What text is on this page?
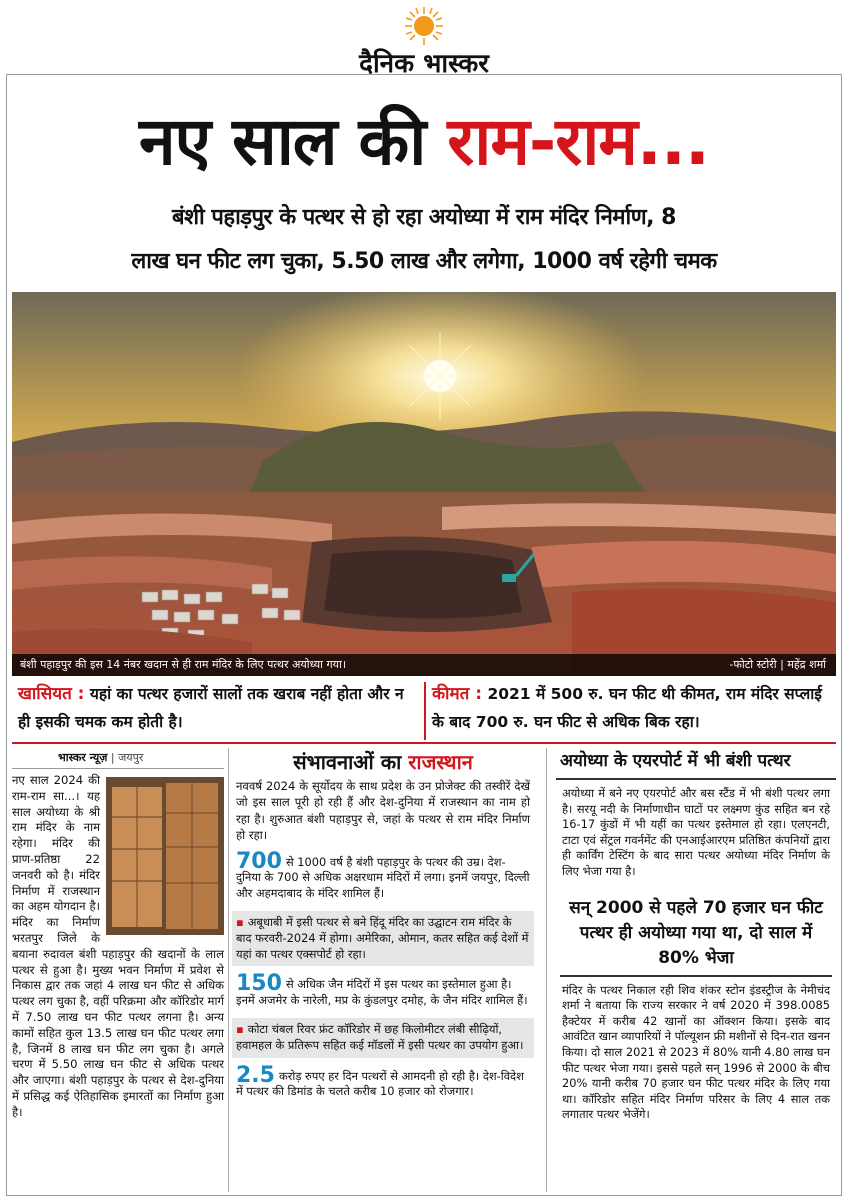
दैनिक भास्कर
नए साल की राम-राम...
बंशी पहाड़पुर के पत्थर से हो रहा अयोध्या में राम मंदिर निर्माण, 8
लाख घन फीट लग चुका, 5.50 लाख और लगेगा, 1000 वर्ष रहेगी चमक
बंशी पहाड़पुर की इस 14 नंबर खदान से ही राम मंदिर के लिए पत्थर अयोध्या गया।	-फोटो स्टोरी | महेंद्र शर्मा
खासियत : यहां का पत्थर हजारों सालों तक खराब नहीं होता और न ही इसकी चमक कम होती है।
कीमत : 2021 में 500 रु. घन फीट थी कीमत, राम मंदिर सप्लाई के बाद 700 रु. घन फीट से अधिक बिक रहा।
भास्कर न्यूज़ | जयपुर
नए साल 2024 की राम-राम सा...। यह साल अयोध्या के श्री राम मंदिर के नाम रहेगा। मंदिर की प्राण-प्रतिष्ठा 22 जनवरी को है। मंदिर निर्माण में राजस्थान का अहम योगदान है। मंदिर का निर्माण भरतपुर जिले के बयाना रुदावल बंशी पहाड़पुर की खदानों के लाल पत्थर से हुआ है। मुख्य भवन निर्माण में प्रवेश से निकास द्वार तक जहां 4 लाख घन फीट से अधिक पत्थर लग चुका है, वहीं परिक्रमा और कॉरिडोर मार्ग में 7.50 लाख घन फीट पत्थर लगना है। अन्य कामों सहित कुल 13.5 लाख घन फीट पत्थर लगा है, जिनमें 8 लाख घन फीट लग चुका है। अगले चरण में 5.50 लाख घन फीट से अधिक पत्थर और जाएगा। बंशी पहाड़पुर के पत्थर से देश-दुनिया में प्रसिद्ध कई ऐतिहासिक इमारतों का निर्माण हुआ है।
संभावनाओं का राजस्थान
नववर्ष 2024 के सूर्योदय के साथ प्रदेश के उन प्रोजेक्ट की तस्वीरें देखें जो इस साल पूरी हो रही हैं और देश-दुनिया में राजस्थान का नाम हो रहा है। शुरुआत बंशी पहाड़पुर से, जहां के पत्थर से राम मंदिर निर्माण हो रहा।
700 से 1000 वर्ष है बंशी पहाड़पुर के पत्थर की उम्र। देश-दुनिया के 700 से अधिक अक्षरधाम मंदिरों में लगा। इनमें जयपुर, दिल्ली और अहमदाबाद के मंदिर शामिल हैं।
▪ अबूधाबी में इसी पत्थर से बने हिंदू मंदिर का उद्घाटन राम मंदिर के बाद फरवरी-2024 में होगा। अमेरिका, ओमान, कतर सहित कई देशों में यहां का पत्थर एक्सपोर्ट हो रहा।
150 से अधिक जैन मंदिरों में इस पत्थर का इस्तेमाल हुआ है। इनमें अजमेर के नारेली, मप्र के कुंडलपुर दमोह, के जैन मंदिर शामिल हैं।
▪ कोटा चंबल रिवर फ्रंट कॉरिडोर में छह किलोमीटर लंबी सीढ़ियों, हवामहल के प्रतिरूप सहित कई मॉडलों में इसी पत्थर का उपयोग हुआ।
2.5 करोड़ रुपए हर दिन पत्थरों से आमदनी हो रही है। देश-विदेश में पत्थर की डिमांड के चलते करीब 10 हजार को रोजगार।
अयोध्या के एयरपोर्ट में भी बंशी पत्थर
अयोध्या में बने नए एयरपोर्ट और बस स्टैंड में भी बंशी पत्थर लगा है। सरयू नदी के निर्माणाधीन घाटों पर लक्ष्मण कुंड सहित बन रहे 16-17 कुंडों में भी यहीं का पत्थर इस्तेमाल हो रहा। एलएनटी, टाटा एवं सेंट्रल गवर्नमेंट की एनआईआरएम प्रतिष्ठित कंपनियों द्वारा ही कार्विंग टेस्टिंग के बाद सारा पत्थर अयोध्या मंदिर निर्माण के लिए भेजा गया है।
सन् 2000 से पहले 70 हजार घन फीट पत्थर ही अयोध्या गया था, दो साल में 80% भेजा
मंदिर के पत्थर निकाल रही शिव शंकर स्टोन इंडस्ट्रीज के नेमीचंद शर्मा ने बताया कि राज्य सरकार ने वर्ष 2020 में 398.0085 हैक्टेयर में करीब 42 खानों का ऑक्शन किया। इसके बाद आवंटित खान व्यापारियों ने पॉल्यूशन फ्री मशीनों से दिन-रात खनन किया। दो साल 2021 से 2023 में 80% यानी 4.80 लाख घन फीट पत्थर भेजा गया। इससे पहले सन् 1996 से 2000 के बीच 20% यानी करीब 70 हजार घन फीट पत्थर मंदिर के लिए गया था। कॉरिडोर सहित मंदिर निर्माण परिसर के लिए 4 साल तक लगातार पत्थर भेजेंगे।
